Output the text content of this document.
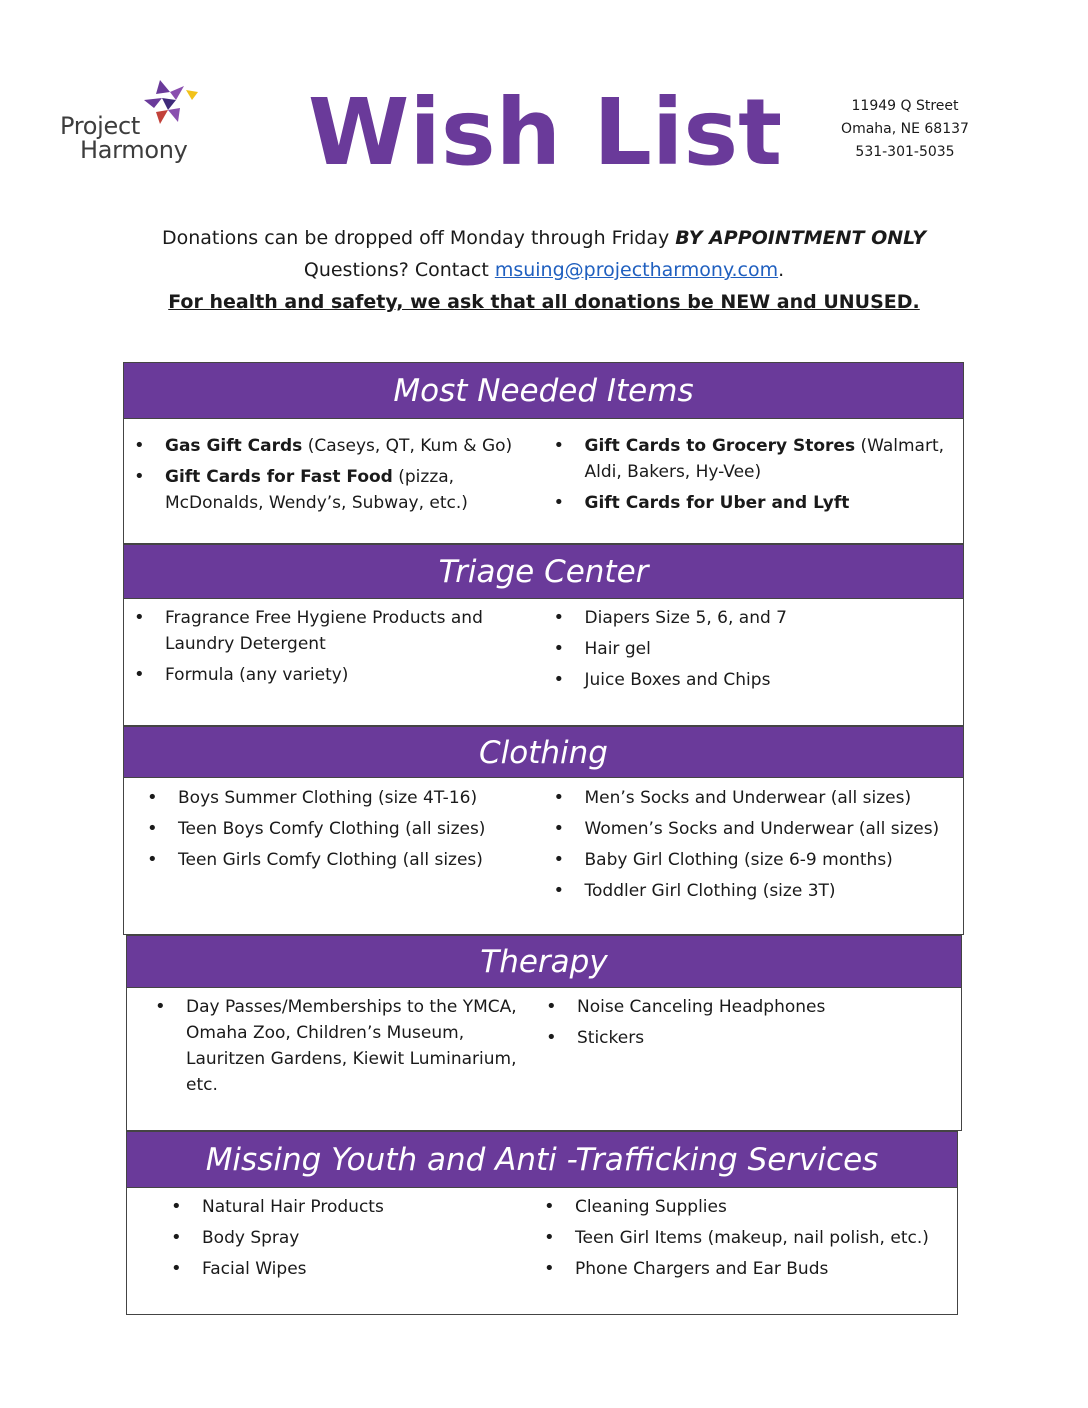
Project
Harmony Wish List	11949 Q Street
Omaha, NE 68137
531-301-5035
Donations can be dropped off Monday through Friday BY APPOINTMENT ONLY
Questions? Contact msuing@projectharmony.com.
For health and safety, we ask that all donations be NEW and UNUSED.
Most Needed Items
• Gas Gift Cards (Caseys, QT, Kum & Go)
• Gift Cards for Fast Food (pizza, McDonalds, Wendy’s, Subway, etc.)
• Gift Cards to Grocery Stores (Walmart, Aldi, Bakers, Hy-Vee)
• Gift Cards for Uber and Lyft
Triage Center
• Fragrance Free Hygiene Products and Laundry Detergent
• Formula (any variety)
• Diapers Size 5, 6, and 7
• Hair gel
• Juice Boxes and Chips
Clothing
• Boys Summer Clothing (size 4T-16)
• Teen Boys Comfy Clothing (all sizes)
• Teen Girls Comfy Clothing (all sizes)
• Men’s Socks and Underwear (all sizes)
• Women’s Socks and Underwear (all sizes)
• Baby Girl Clothing (size 6-9 months)
• Toddler Girl Clothing (size 3T)
Therapy
• Day Passes/Memberships to the YMCA, Omaha Zoo, Children’s Museum, Lauritzen Gardens, Kiewit Luminarium, etc.
• Noise Canceling Headphones
• Stickers
Missing Youth and Anti -Trafficking Services
• Natural Hair Products
• Body Spray
• Facial Wipes
• Cleaning Supplies
• Teen Girl Items (makeup, nail polish, etc.)
• Phone Chargers and Ear Buds
